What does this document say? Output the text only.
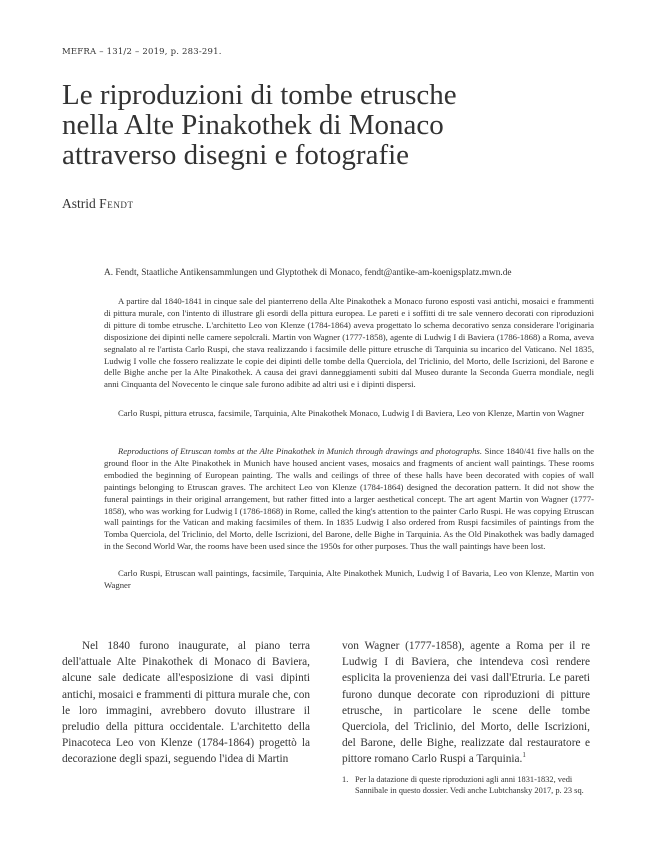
MEFRA – 131/2 – 2019, p. 283-291.
Le riproduzioni di tombe etrusche
nella Alte Pinakothek di Monaco
attraverso disegni e fotografie
Astrid Fendt
A. Fendt, Staatliche Antikensammlungen und Glyptothek di Monaco, fendt@antike-am-koenigsplatz.mwn.de

A partire dal 1840-1841 in cinque sale del pianterreno della Alte Pinakothek a Monaco furono esposti vasi antichi, mosaici e frammenti di pittura murale, con l'intento di illustrare gli esordi della pittura europea. Le pareti e i soffitti di tre sale vennero decorati con riproduzioni di pitture di tombe etrusche. L'architetto Leo von Klenze (1784-1864) aveva progettato lo schema decorativo senza considerare l'originaria disposizione dei dipinti nelle camere sepolcrali. Martin von Wagner (1777-1858), agente di Ludwig I di Baviera (1786-1868) a Roma, aveva segnalato al re l'artista Carlo Ruspi, che stava realizzando i facsimile delle pitture etrusche di Tarquinia su incarico del Vaticano. Nel 1835, Ludwig I volle che fossero realizzate le copie dei dipinti delle tombe della Querciola, del Triclinio, del Morto, delle Iscrizioni, del Barone e delle Bighe anche per la Alte Pinakothek. A causa dei gravi danneggiamenti subiti dal Museo durante la Seconda Guerra mondiale, negli anni Cinquanta del Novecento le cinque sale furono adibite ad altri usi e i dipinti dispersi.

Carlo Ruspi, pittura etrusca, facsimile, Tarquinia, Alte Pinakothek Monaco, Ludwig I di Baviera, Leo von Klenze, Martin von Wagner

Reproductions of Etruscan tombs at the Alte Pinakothek in Munich through drawings and photographs. Since 1840/41 five halls on the ground floor in the Alte Pinakothek in Munich have housed ancient vases, mosaics and fragments of ancient wall paintings. These rooms embodied the beginning of European painting. The walls and ceilings of three of these halls have been decorated with copies of wall paintings belonging to Etruscan graves. The architect Leo von Klenze (1784-1864) designed the decoration pattern. It did not show the funeral paintings in their original arrangement, but rather fitted into a larger aesthetical concept. The art agent Martin von Wagner (1777-1858), who was working for Ludwig I (1786-1868) in Rome, called the king's attention to the painter Carlo Ruspi. He was copying Etruscan wall paintings for the Vatican and making facsimiles of them. In 1835 Ludwig I also ordered from Ruspi facsimiles of paintings from the Tomba Querciola, del Triclinio, del Morto, delle Iscrizioni, del Barone, delle Bighe in Tarquinia. As the Old Pinakothek was badly damaged in the Second World War, the rooms have been used since the 1950s for other purposes. Thus the wall paintings have been lost.

Carlo Ruspi, Etruscan wall paintings, facsimile, Tarquinia, Alte Pinakothek Munich, Ludwig I of Bavaria, Leo von Klenze, Martin von Wagner

Nel 1840 furono inaugurate, al piano terra dell'attuale Alte Pinakothek di Monaco di Baviera, alcune sale dedicate all'esposizione di vasi dipinti antichi, mosaici e frammenti di pittura murale che, con le loro immagini, avrebbero dovuto illustrare il preludio della pittura occidentale. L'architetto della Pinacoteca Leo von Klenze (1784-1864) progettò la decorazione degli spazi, seguendo l'idea di Martin

von Wagner (1777-1858), agente a Roma per il re Ludwig I di Baviera, che intendeva così rendere esplicita la provenienza dei vasi dall'Etruria. Le pareti furono dunque decorate con riproduzioni di pitture etrusche, in particolare le scene delle tombe Querciola, del Triclinio, del Morto, delle Iscrizioni, del Barone, delle Bighe, realizzate dal restauratore e pittore romano Carlo Ruspi a Tarquinia.$^1$

1. Per la datazione di queste riproduzioni agli anni 1831-1832, vedi Sannibale in questo dossier. Vedi anche Lubtchansky 2017, p. 23 sq.
